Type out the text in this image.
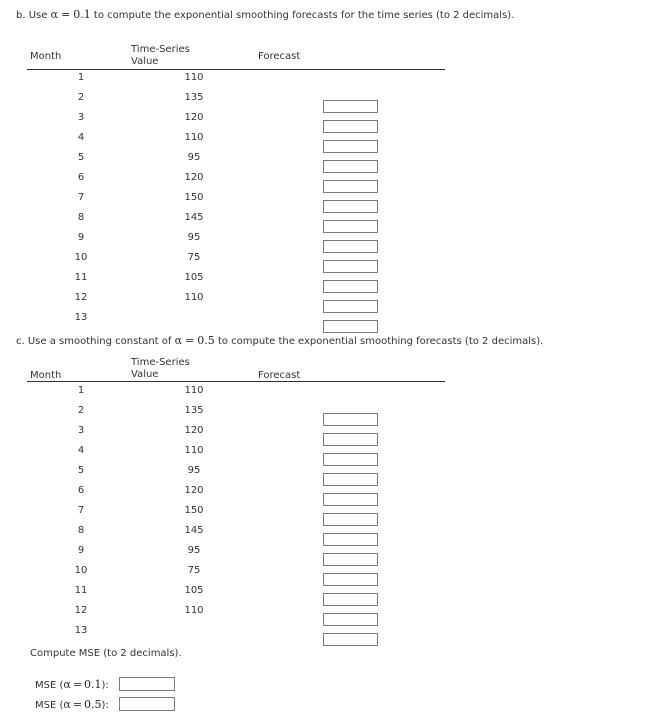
b. Use α = 0.1 to compute the exponential smoothing forecasts for the time series (to 2 decimals).
Month
Time-Series
Value	Forecast
1	110
2	135
3	120
4	110
5	95
6	120
7	150
8	145
9	95
10	75
11	105
12	110
13
c. Use a smoothing constant of α = 0.5 to compute the exponential smoothing forecasts (to 2 decimals).
Month
Time-Series
Value	Forecast
1	110
2	135
3	120
4	110
5	95
6	120
7	150
8	145
9	95
10	75
11	105
12	110
13
Compute MSE (to 2 decimals).
MSE (α = 0.1):
MSE (α = 0.5):
